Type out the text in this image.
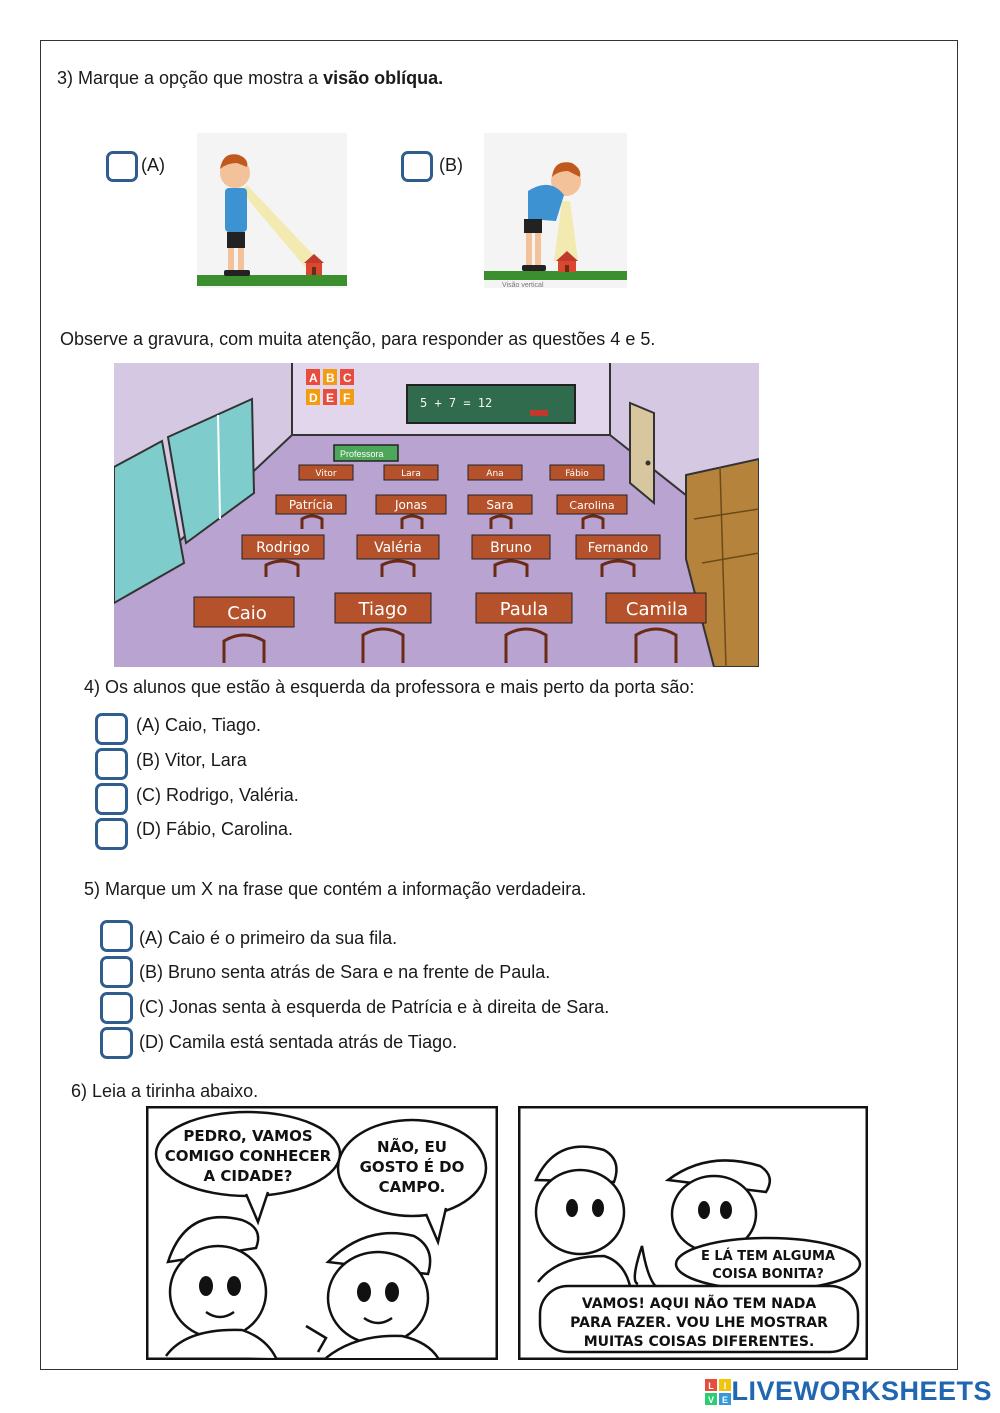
3) Marque a opção que mostra a visão oblíqua.
(A)	(B)
Visão vertical
Observe a gravura, com muita atenção, para responder as questões 4 e 5.
5 + 7 = 12
A B C
D E F
Professora
Vitor	Lara	Ana	Fábio
Patrícia	Jonas	Sara	Carolina
Rodrigo	Valéria	Bruno	Fernando
Caio	Tiago	Paula	Camila
4) Os alunos que estão à esquerda da professora e mais perto da porta são:
(A) Caio, Tiago.
(B) Vitor, Lara
(C) Rodrigo, Valéria.
(D) Fábio, Carolina.
5) Marque um X na frase que contém a informação verdadeira.
(A) Caio é o primeiro da sua fila.
(B) Bruno senta atrás de Sara e na frente de Paula.
(C) Jonas senta à esquerda de Patrícia e à direita de Sara.
(D) Camila está sentada atrás de Tiago.
6) Leia a tirinha abaixo.
PEDRO, VAMOS
COMIGO CONHECER
A CIDADE?
NÃO, EU
GOSTO É DO
CAMPO.
E LÁ TEM ALGUMA
COISA BONITA?
VAMOS! AQUI NÃO TEM NADA
PARA FAZER. VOU LHE MOSTRAR
MUITAS COISAS DIFERENTES.
L I
V E LIVEWORKSHEETS
